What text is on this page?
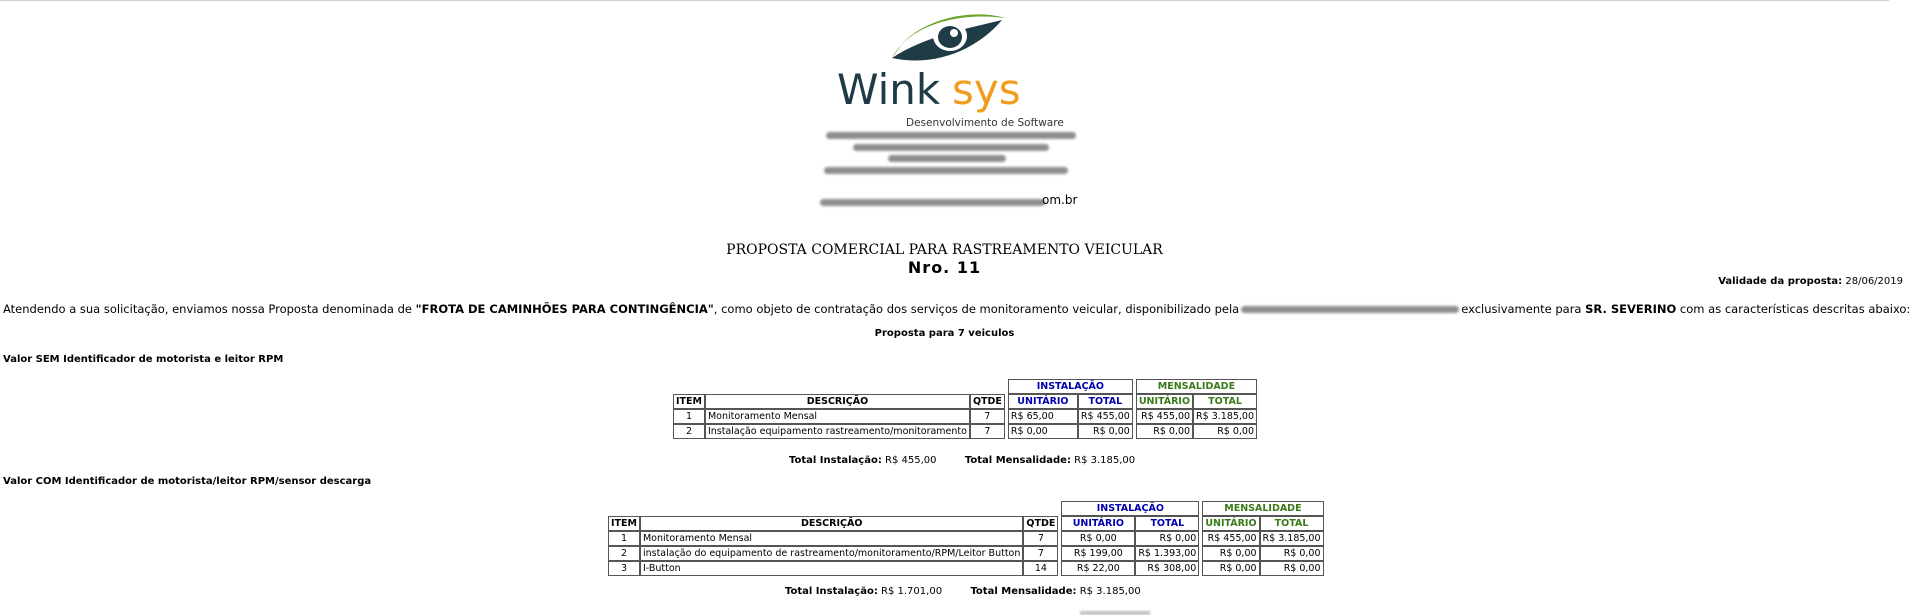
Wink sys
Desenvolvimento de Software
om.br
PROPOSTA COMERCIAL PARA RASTREAMENTO VEICULAR
Nro. 11
Validade da proposta: 28/06/2019
Atendendo a sua solicitação, enviamos nossa Proposta denominada de "FROTA DE CAMINHÕES PARA CONTINGÊNCIA", como objeto de contratação dos serviços de monitoramento veicular, disponibilizado pela	exclusivamente para SR. SEVERINO com as características descritas abaixo:
Proposta para 7 veiculos
Valor SEM Identificador de motorista e leitor RPM
				INSTALAÇÃO			MENSALIDADE	
ITEM	DESCRIÇÃO	QTDE		UNITÁRIO	TOTAL		UNITÁRIO	TOTAL
1	Monitoramento Mensal	7		R$ 65,00	R$ 455,00		R$ 455,00	R$ 3.185,00
2	Instalação equipamento rastreamento/monitoramento	7		R$ 0,00	R$ 0,00		R$ 0,00	R$ 0,00
Total Instalação: R$ 455,00	Total Mensalidade: R$ 3.185,00
Valor COM Identificador de motorista/leitor RPM/sensor descarga
				INSTALAÇÃO			MENSALIDADE	
ITEM	DESCRIÇÃO	QTDE		UNITÁRIO	TOTAL		UNITÁRIO	TOTAL
1	Monitoramento Mensal	7		R$ 0,00	R$ 0,00		R$ 455,00	R$ 3.185,00
2	instalação do equipamento de rastreamento/monitoramento/RPM/Leitor Button	7		R$ 199,00	R$ 1.393,00		R$ 0,00	R$ 0,00
3	I-Button	14		R$ 22,00	R$ 308,00		R$ 0,00	R$ 0,00
Total Instalação: R$ 1.701,00	Total Mensalidade: R$ 3.185,00
